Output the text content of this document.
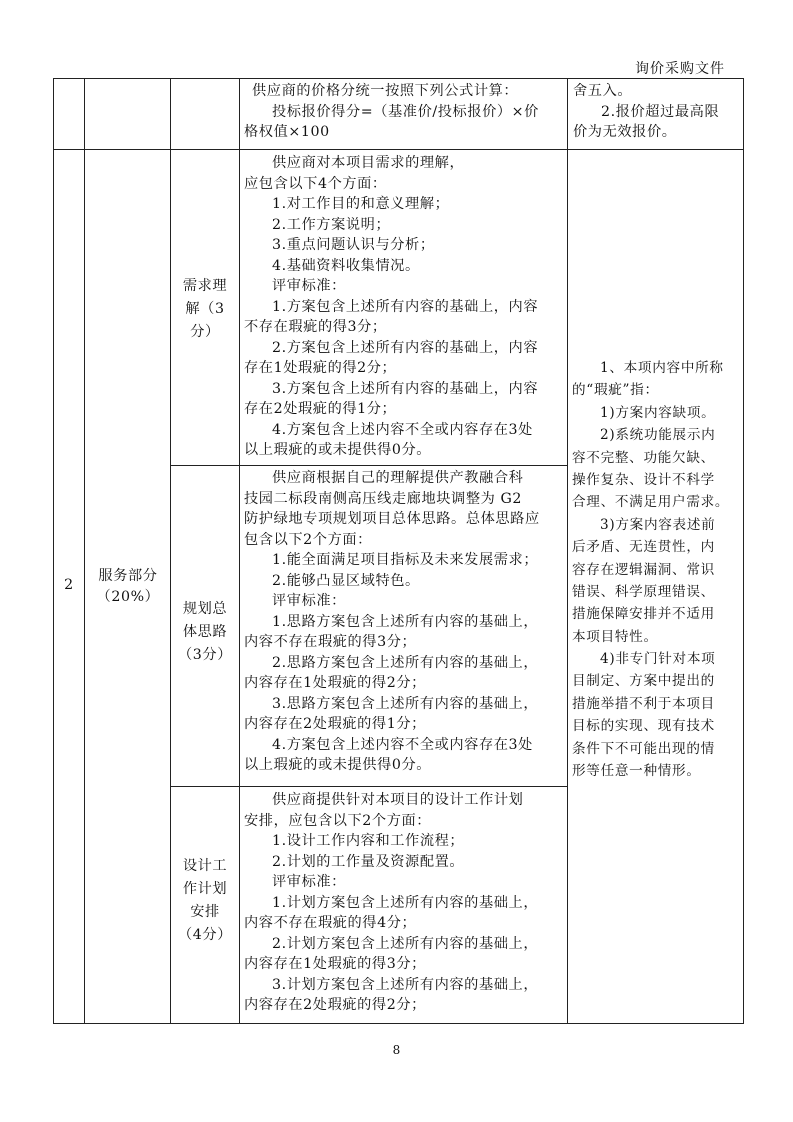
询价采购文件
供应商的价格分统一按照下列公式计算：
投标报价得分=（基准价/投标报价）×价
格权值×100
舍五入。
2.报价超过最高限
价为无效报价。
2
服务部分
（20%）
需求理
解（3
分）
供应商对本项目需求的理解，
应包含以下4个方面：
1.对工作目的和意义理解；
2.工作方案说明；
3.重点问题认识与分析；
4.基础资料收集情况。
评审标准：
1.方案包含上述所有内容的基础上，内容
不存在瑕疵的得3分；
2.方案包含上述所有内容的基础上，内容
存在1处瑕疵的得2分；
3.方案包含上述所有内容的基础上，内容
存在2处瑕疵的得1分；
4.方案包含上述内容不全或内容存在3处
以上瑕疵的或未提供得0分。
规划总
体思路
（3分）
供应商根据自己的理解提供产教融合科
技园二标段南侧高压线走廊地块调整为 G2
防护绿地专项规划项目总体思路。总体思路应
包含以下2个方面：
1.能全面满足项目指标及未来发展需求；
2.能够凸显区域特色。
评审标准：
1.思路方案包含上述所有内容的基础上，
内容不存在瑕疵的得3分；
2.思路方案包含上述所有内容的基础上，
内容存在1处瑕疵的得2分；
3.思路方案包含上述所有内容的基础上，
内容存在2处瑕疵的得1分；
4.方案包含上述内容不全或内容存在3处
以上瑕疵的或未提供得0分。
设计工
作计划
安排
（4分）
供应商提供针对本项目的设计工作计划
安排，应包含以下2个方面：
1.设计工作内容和工作流程；
2.计划的工作量及资源配置。
评审标准：
1.计划方案包含上述所有内容的基础上，
内容不存在瑕疵的得4分；
2.计划方案包含上述所有内容的基础上，
内容存在1处瑕疵的得3分；
3.计划方案包含上述所有内容的基础上，
内容存在2处瑕疵的得2分；
1、本项内容中所称
的“瑕疵”指：
1)方案内容缺项。
2)系统功能展示内
容不完整、功能欠缺、
操作复杂、设计不科学
合理、不满足用户需求。
3)方案内容表述前
后矛盾、无连贯性，内
容存在逻辑漏洞、常识
错误、科学原理错误、
措施保障安排并不适用
本项目特性。
4)非专门针对本项
目制定、方案中提出的
措施举措不利于本项目
目标的实现、现有技术
条件下不可能出现的情
形等任意一种情形。
8
